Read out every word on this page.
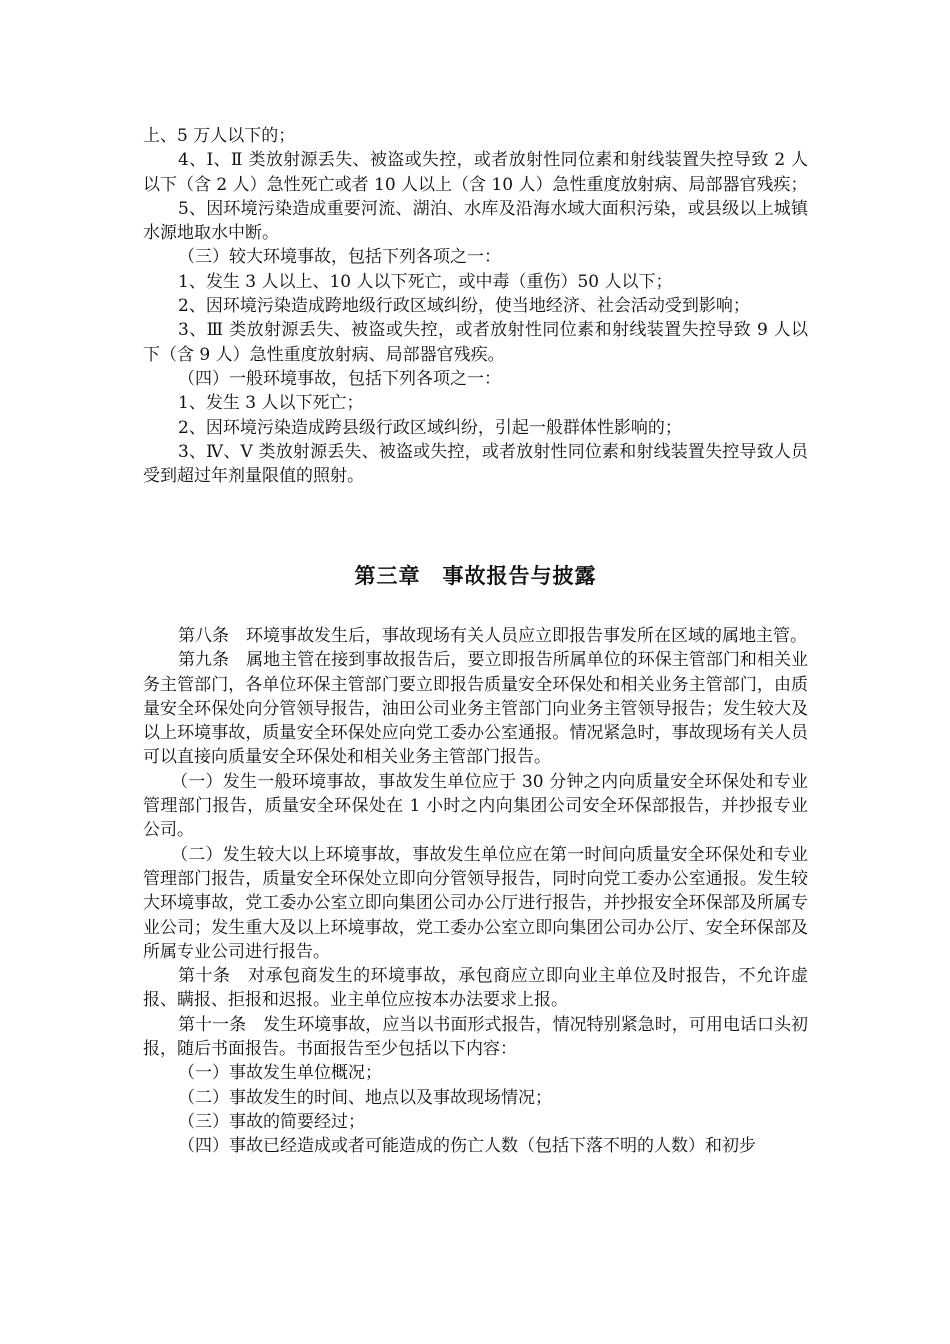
上、5 万人以下的；

4、Ⅰ、Ⅱ 类放射源丢失、被盗或失控，或者放射性同位素和射线装置失控导致 2 人以下（含 2 人）急性死亡或者 10 人以上（含 10 人）急性重度放射病、局部器官残疾；

5、因环境污染造成重要河流、湖泊、水库及沿海水域大面积污染，或县级以上城镇水源地取水中断。

（三）较大环境事故，包括下列各项之一：

1、发生 3 人以上、10 人以下死亡，或中毒（重伤）50 人以下；

2、因环境污染造成跨地级行政区域纠纷，使当地经济、社会活动受到影响；

3、Ⅲ 类放射源丢失、被盗或失控，或者放射性同位素和射线装置失控导致 9 人以下（含 9 人）急性重度放射病、局部器官残疾。

（四）一般环境事故，包括下列各项之一：

1、发生 3 人以下死亡；

2、因环境污染造成跨县级行政区域纠纷，引起一般群体性影响的；

3、Ⅳ、Ⅴ 类放射源丢失、被盗或失控，或者放射性同位素和射线装置失控导致人员受到超过年剂量限值的照射。

第三章　事故报告与披露

第八条　环境事故发生后，事故现场有关人员应立即报告事发所在区域的属地主管。

第九条　属地主管在接到事故报告后，要立即报告所属单位的环保主管部门和相关业务主管部门，各单位环保主管部门要立即报告质量安全环保处和相关业务主管部门，由质量安全环保处向分管领导报告，油田公司业务主管部门向业务主管领导报告；发生较大及以上环境事故，质量安全环保处应向党工委办公室通报。情况紧急时，事故现场有关人员可以直接向质量安全环保处和相关业务主管部门报告。

（一）发生一般环境事故，事故发生单位应于 30 分钟之内向质量安全环保处和专业管理部门报告，质量安全环保处在 1 小时之内向集团公司安全环保部报告，并抄报专业公司。

（二）发生较大以上环境事故，事故发生单位应在第一时间向质量安全环保处和专业管理部门报告，质量安全环保处立即向分管领导报告，同时向党工委办公室通报。发生较大环境事故，党工委办公室立即向集团公司办公厅进行报告，并抄报安全环保部及所属专业公司；发生重大及以上环境事故，党工委办公室立即向集团公司办公厅、安全环保部及所属专业公司进行报告。

第十条　对承包商发生的环境事故，承包商应立即向业主单位及时报告，不允许虚报、瞒报、拒报和迟报。业主单位应按本办法要求上报。

第十一条　发生环境事故，应当以书面形式报告，情况特别紧急时，可用电话口头初报，随后书面报告。书面报告至少包括以下内容：

（一）事故发生单位概况；

（二）事故发生的时间、地点以及事故现场情况；

（三）事故的简要经过；

（四）事故已经造成或者可能造成的伤亡人数（包括下落不明的人数）和初步
